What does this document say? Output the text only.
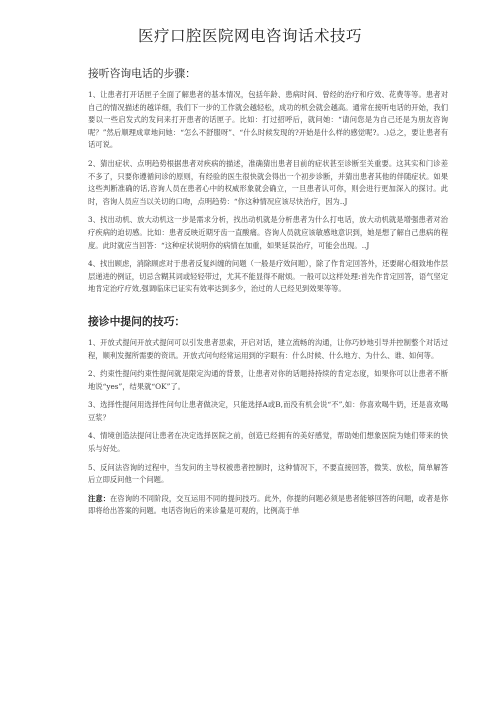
医疗口腔医院网电咨询话术技巧
接听咨询电话的步骤：

1、让患者打开话匣子全面了解患者的基本情况，包括年龄、患病时间、曾经的治疗和疗效、花费等等。患者对自己的情况描述的越详细，我们下一步的工作就会越轻松，成功的机会就会越高。通常在接听电话的开始，我们要以一些启发式的发问来打开患者的话匣子。比如：打过招呼后，就问她：“请问您是为自己还是为朋友咨询呢？”然后顺理成章地问她：“怎么不舒服呀”、“什么时候发现的?开始是什么样的感觉呢?。.)总之，要让患者有话可说。

2、猜出症状、点明趋势根据患者对疾病的描述，准确猜出患者目前的症状甚至诊断至关重要。这其实和门诊差不多了，只要你遵循问诊的原则，有经验的医生很快就会得出一个初步诊断，并猜出患者其他的伴随症状。如果这些判断准确的话,咨询人员在患者心中的权威形象就会确立，一旦患者认可你，则会进行更加深入的探讨。此时，咨询人员应当以关切的口吻，点明趋势：“你这种情况应该尽快治疗，因为..J

3、找出动机、放大动机这一步是需求分析，找出动机就是分析患者为什么打电话，放大动机就是增强患者对治疗疾病的迫切感。比如：患者反映近期牙齿一直酸痛。咨询人员就应该敏感地意识到，她是想了解自己患病的程度。此时就应当回答：“这种症状说明你的病情在加重，如果延误治疗，可能会出现。..J

4、找出顾虑，消除顾虑对于患者反复纠缠的问题（一般是疗效问题），除了作肯定回答外，还要耐心细致地作层层递进的例证，切忌含糊其词或轻轻带过，尤其不能显得不耐烦。一般可以这样处理:首先作肯定回答，语气坚定地肯定治疗疗效,强调临床已证实有效率达到多少，治过的人已经见到效果等等。

接诊中提问的技巧：

1、开放式提问开放式提问可以引发患者思索，开启对话，建立流畅的沟通，让你巧妙地引导并控制整个对话过程，顺利发掘所需要的资讯。开放式问句经常运用到的字眼有：什么时候、什么地方、为什么、谁、如何等。

2、约束性提问约束性提问就是限定沟通的背景，让患者对你的话题持持续的肯定态度，如果你可以让患者不断地说“yes”，结果就“OK”了。

3、选择性提问用选择性问句让患者做决定，只能选择A或B,而没有机会说“不”,如：你喜欢喝牛奶，还是喜欢喝豆浆？

4、情境创造法提问让患者在决定选择医院之前，创造已经拥有的美好感觉，帮助她们想象医院为她们带来的快乐与好处。

5、反问法咨询的过程中，当发问的主导权被患者控制时，这种情况下，不要直接回答，微笑、放松，简单解答后立即反问他一个问题。

注意：在咨询的不同阶段，交互运用不同的提问技巧。此外，你提的问题必须是患者能够回答的问题，或者是你即将给出答案的问题。电话咨询后的来诊量是可观的，比例高于单
